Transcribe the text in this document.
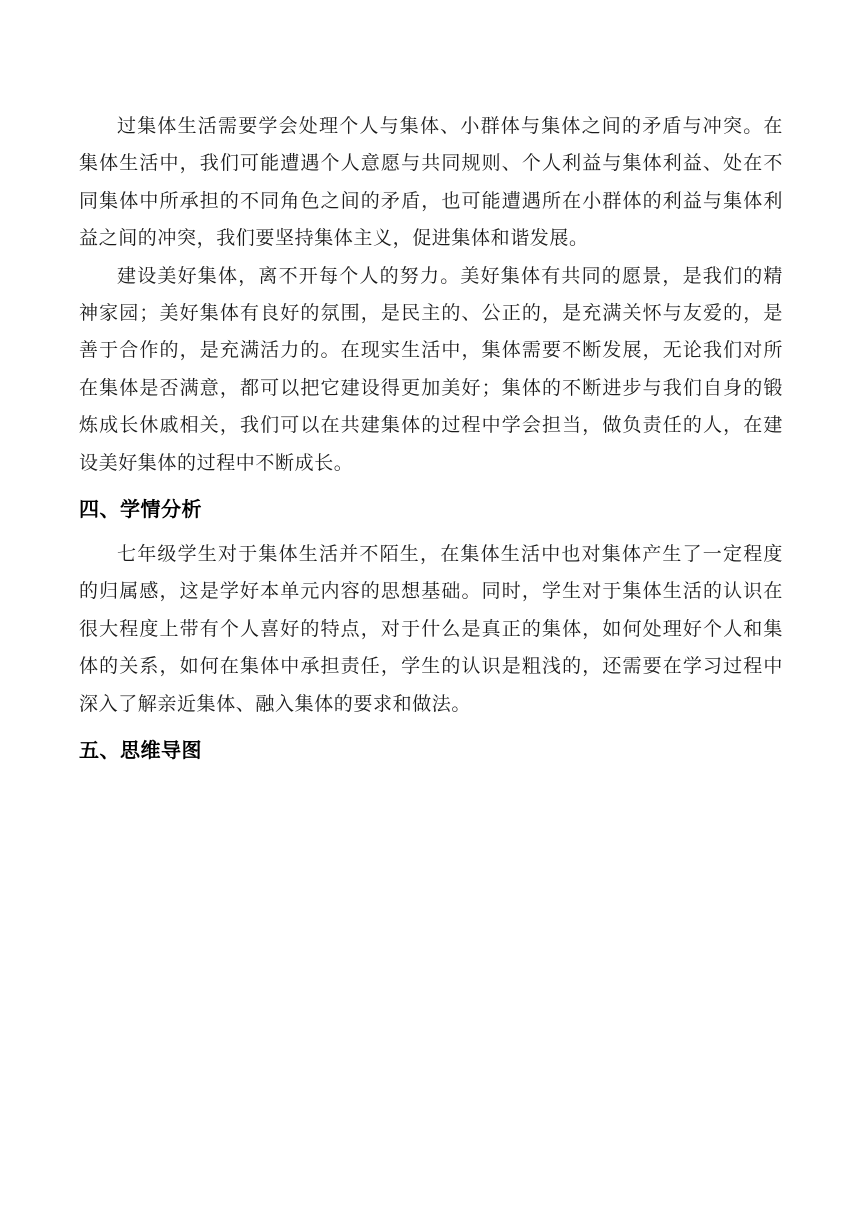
过集体生活需要学会处理个人与集体、小群体与集体之间的矛盾与冲突。在集体生活中，我们可能遭遇个人意愿与共同规则、个人利益与集体利益、处在不同集体中所承担的不同角色之间的矛盾，也可能遭遇所在小群体的利益与集体利益之间的冲突，我们要坚持集体主义，促进集体和谐发展。

建设美好集体，离不开每个人的努力。美好集体有共同的愿景，是我们的精神家园；美好集体有良好的氛围，是民主的、公正的，是充满关怀与友爱的，是善于合作的，是充满活力的。在现实生活中，集体需要不断发展，无论我们对所在集体是否满意，都可以把它建设得更加美好；集体的不断进步与我们自身的锻炼成长休戚相关，我们可以在共建集体的过程中学会担当，做负责任的人，在建设美好集体的过程中不断成长。

四、学情分析

七年级学生对于集体生活并不陌生，在集体生活中也对集体产生了一定程度的归属感，这是学好本单元内容的思想基础。同时，学生对于集体生活的认识在很大程度上带有个人喜好的特点，对于什么是真正的集体，如何处理好个人和集体的关系，如何在集体中承担责任，学生的认识是粗浅的，还需要在学习过程中深入了解亲近集体、融入集体的要求和做法。

五、思维导图
